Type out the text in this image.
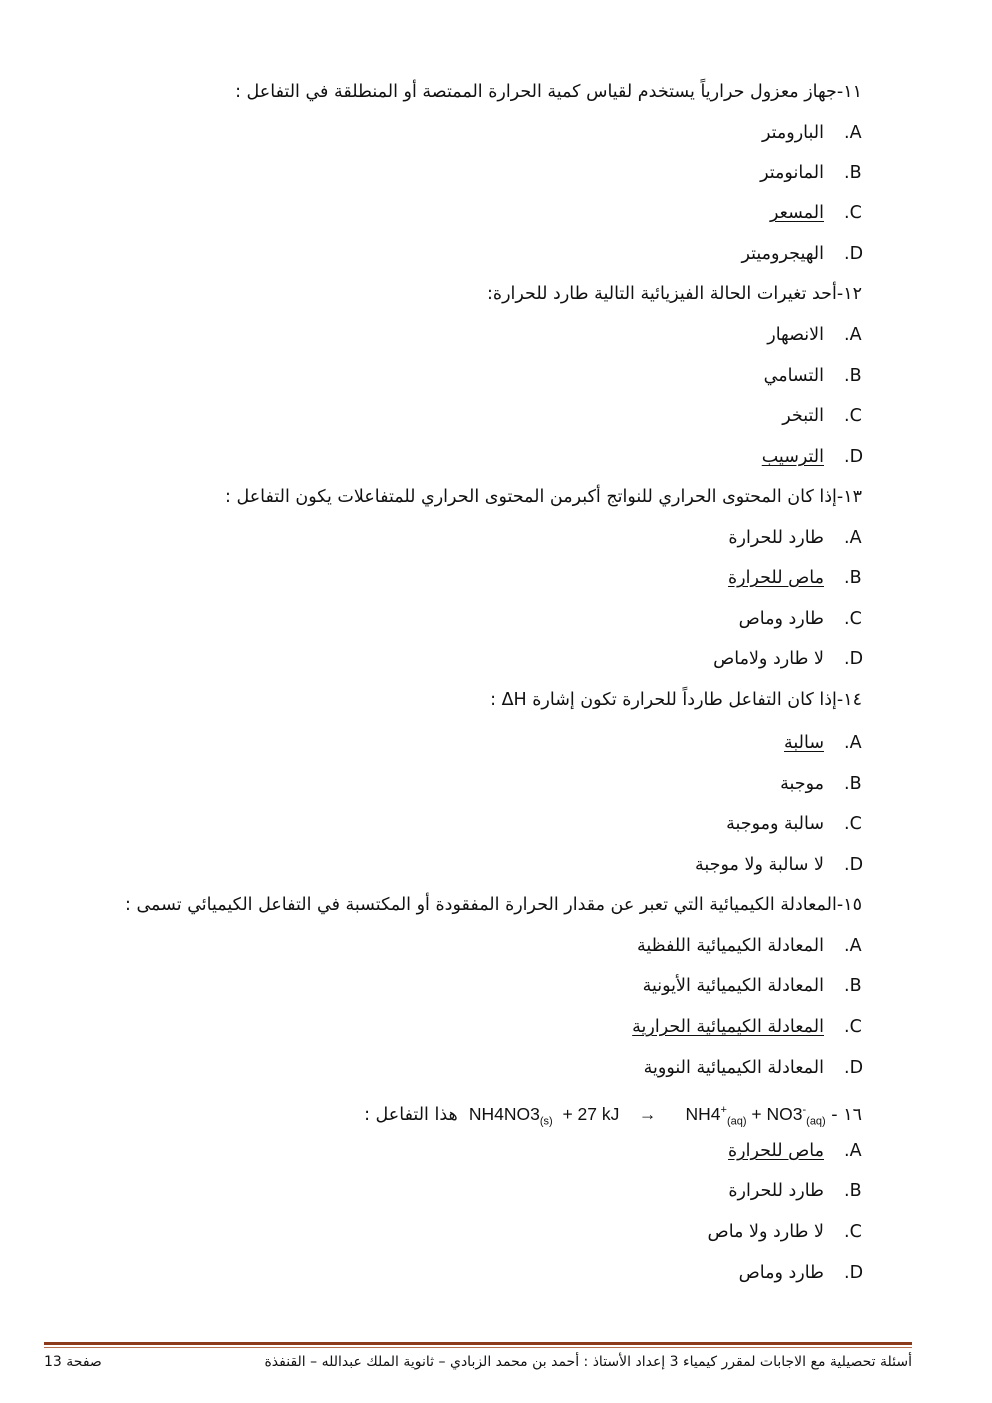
١١-جهاز معزول حرارياً يستخدم لقياس كمية الحرارة الممتصة أو المنطلقة في التفاعل :
.Aالبارومتر
.Bالمانومتر
.Cالمسعر
.Dالهيجروميتر
١٢-أحد تغيرات الحالة الفيزيائية التالية طارد للحرارة:
.Aالانصهار
.Bالتسامي
.Cالتبخر
.Dالترسيب
١٣-إذا كان المحتوى الحراري للنواتج أكبرمن المحتوى الحراري للمتفاعلات يكون التفاعل :
.Aطارد للحرارة
.Bماص للحرارة
.Cطارد وماص
.Dلا طارد ولاماص
١٤-إذا كان التفاعل طارداً للحرارة تكون إشارة ΔH :
.Aسالبة
.Bموجبة
.Cسالبة وموجبة
.Dلا سالبة ولا موجبة
١٥-المعادلة الكيميائية التي تعبر عن مقدار الحرارة المفقودة أو المكتسبة في التفاعل الكيميائي تسمى :
.Aالمعادلة الكيميائية اللفظية
.Bالمعادلة الكيميائية الأيونية
.Cالمعادلة الكيميائية الحرارية
.Dالمعادلة الكيميائية النووية
١٦ - $NH4NO3_{(s)} + 27$ kJ → $NH4^+_{(aq)} + NO3^-_{(aq)}$  هذا التفاعل :
.Aماص للحرارة
.Bطارد للحرارة
.Cلا طارد ولا ماص
.Dطارد وماص
أسئلة تحصيلية مع الاجابات لمقرر كيمياء 3 إعداد الأستاذ : أحمد بن محمد الزبادي – ثانوية الملك عبدالله – القنفذة
صفحة 13
